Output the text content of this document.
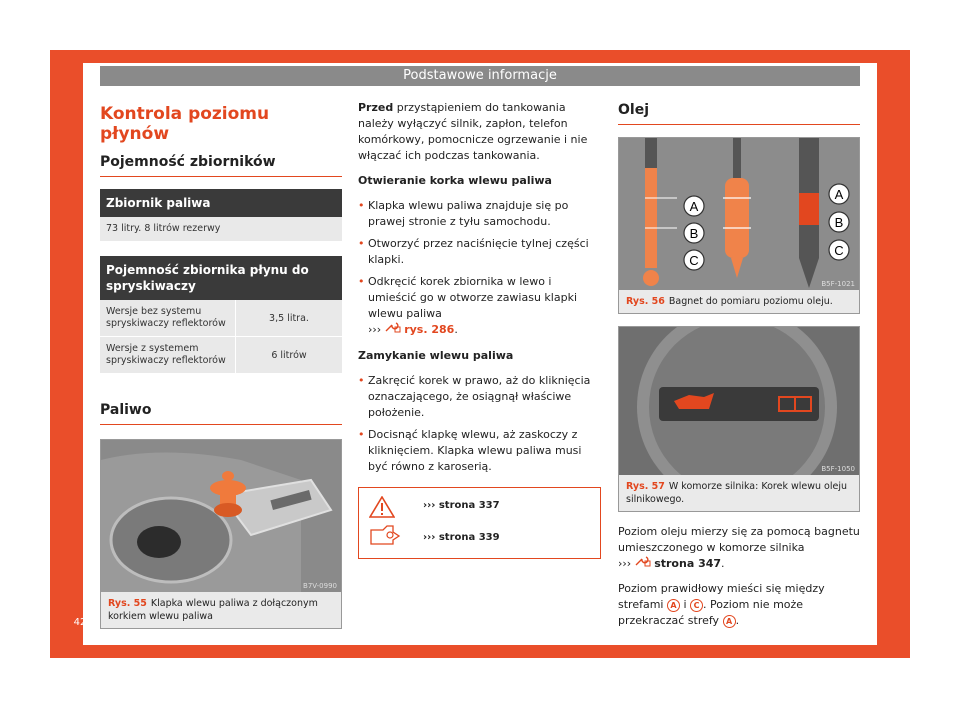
Podstawowe informacje
42
Kontrola poziomu płynów
Pojemność zbiorników
Zbiornik paliwa
73 litry. 8 litrów rezerwy
Pojemność zbiornika płynu do spryskiwaczy
Wersje bez systemu spryskiwaczy reflektorów	3,5 litra.
Wersje z systemem spryskiwaczy reflektorów	6 litrów
Paliwo
B7V-0990
Rys. 55 Klapka wlewu paliwa z dołączonym korkiem wlewu paliwa

Przed przystąpieniem do tankowania należy wyłączyć silnik, zapłon, telefon komórkowy, pomocnicze ogrzewanie i nie włączać ich podczas tankowania.

Otwieranie korka wlewu paliwa

• Klapka wlewu paliwa znajduje się po prawej stronie z tyłu samochodu.
• Otworzyć przez naciśnięcie tylnej części klapki.
• Odkręcić korek zbiornika w lewo i umieścić go w otworze zawiasu klapki wlewu paliwa
››› rys. 286.

Zamykanie wlewu paliwa

• Zakręcić korek w prawo, aż do kliknięcia oznaczającego, że osiągnął właściwe położenie.
• Docisnąć klapkę wlewu, aż zaskoczy z kliknięciem. Klapka wlewu paliwa musi być równo z karoserią.
››› strona 337
››› strona 339
Olej
A
B
C
A
B
C
B5F-1021
Rys. 56 Bagnet do pomiaru poziomu oleju.
B5F-1050
Rys. 57 W komorze silnika: Korek wlewu oleju silnikowego.

Poziom oleju mierzy się za pomocą bagnetu umieszczonego w komorze silnika
››› strona 347.

Poziom prawidłowy mieści się między strefami A i C . Poziom nie może przekraczać strefy A .
